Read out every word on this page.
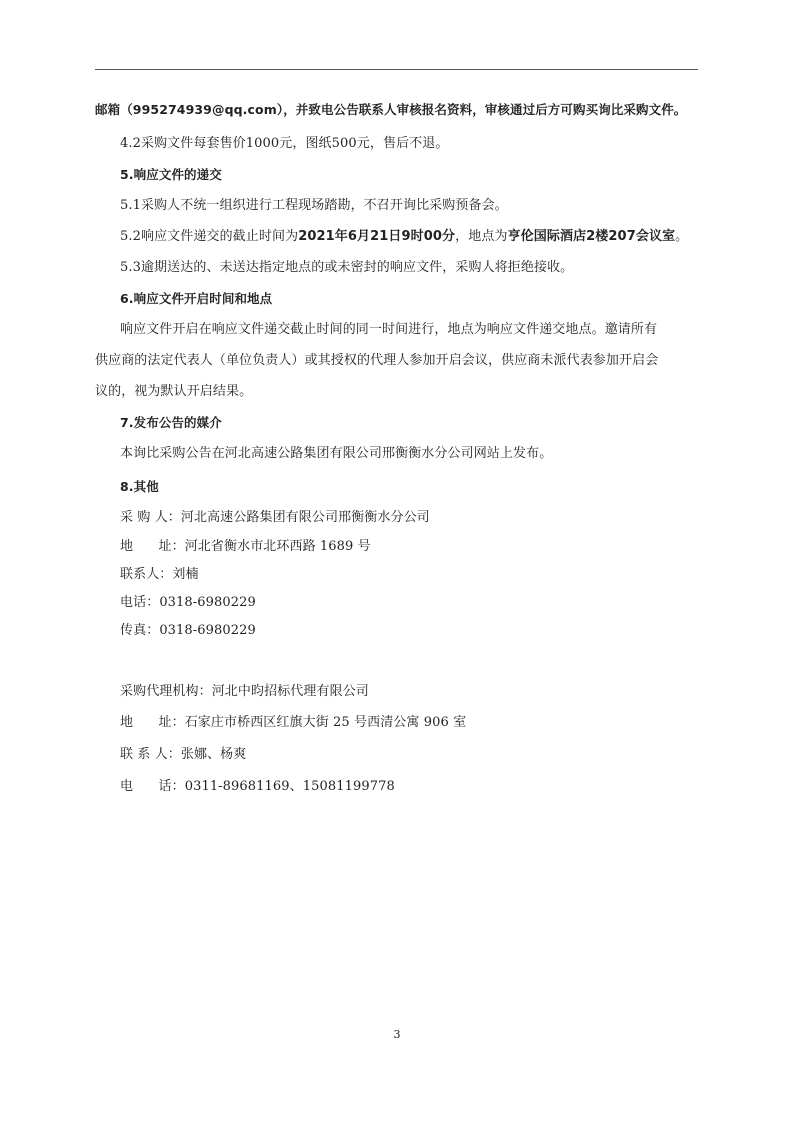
邮箱（995274939@qq.com），并致电公告联系人审核报名资料，审核通过后方可购买询比采购文件。
4.2采购文件每套售价1000元，图纸500元，售后不退。
5.响应文件的递交
5.1采购人不统一组织进行工程现场踏勘，不召开询比采购预备会。
5.2响应文件递交的截止时间为2021年6月21日9时00分，地点为亨伦国际酒店2楼207会议室。
5.3逾期送达的、未送达指定地点的或未密封的响应文件，采购人将拒绝接收。
6.响应文件开启时间和地点
响应文件开启在响应文件递交截止时间的同一时间进行，地点为响应文件递交地点。邀请所有
供应商的法定代表人（单位负责人）或其授权的代理人参加开启会议，供应商未派代表参加开启会
议的，视为默认开启结果。
7.发布公告的媒介
本询比采购公告在河北高速公路集团有限公司邢衡衡水分公司网站上发布。
8.其他
采 购 人：河北高速公路集团有限公司邢衡衡水分公司
地      址：河北省衡水市北环西路 1689 号
联系人：刘楠
电话：0318-6980229
传真：0318-6980229
采购代理机构：河北中昀招标代理有限公司
地      址：石家庄市桥西区红旗大街 25 号西清公寓 906 室
联 系 人：张娜、杨爽
电      话：0311-89681169、15081199778
3
